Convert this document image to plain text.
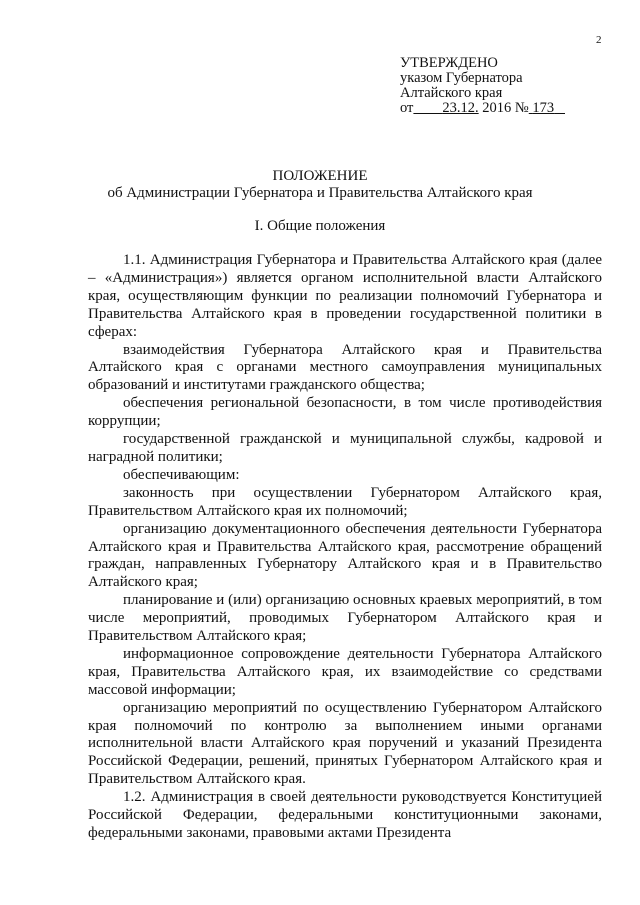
2
УТВЕРЖДЕНО
указом Губернатора
Алтайского края
от 23.12. 2016 № 173
ПОЛОЖЕНИЕ
об Администрации Губернатора и Правительства Алтайского края
I. Общие положения

1.1. Администрация Губернатора и Правительства Алтайского края (далее – «Администрация») является органом исполнительной власти Алтайского края, осуществляющим функции по реализации полномочий Губернатора и Правительства Алтайского края в проведении государственной политики в сферах:

взаимодействия Губернатора Алтайского края и Правительства Алтайского края с органами местного самоуправления муниципальных образований и институтами гражданского общества;

обеспечения региональной безопасности, в том числе противодействия коррупции;

государственной гражданской и муниципальной службы, кадровой и наградной политики;

обеспечивающим:

законность при осуществлении Губернатором Алтайского края, Правительством Алтайского края их полномочий;

организацию документационного обеспечения деятельности Губернатора Алтайского края и Правительства Алтайского края, рассмотрение обращений граждан, направленных Губернатору Алтайского края и в Правительство Алтайского края;

планирование и (или) организацию основных краевых мероприятий, в том числе мероприятий, проводимых Губернатором Алтайского края и Правительством Алтайского края;

информационное сопровождение деятельности Губернатора Алтайского края, Правительства Алтайского края, их взаимодействие со средствами массовой информации;

организацию мероприятий по осуществлению Губернатором Алтайского края полномочий по контролю за выполнением иными органами исполнительной власти Алтайского края поручений и указаний Президента Российской Федерации, решений, принятых Губернатором Алтайского края и Правительством Алтайского края.

1.2. Администрация в своей деятельности руководствуется Конституцией Российской Федерации, федеральными конституционными законами, федеральными законами, правовыми актами Президента
